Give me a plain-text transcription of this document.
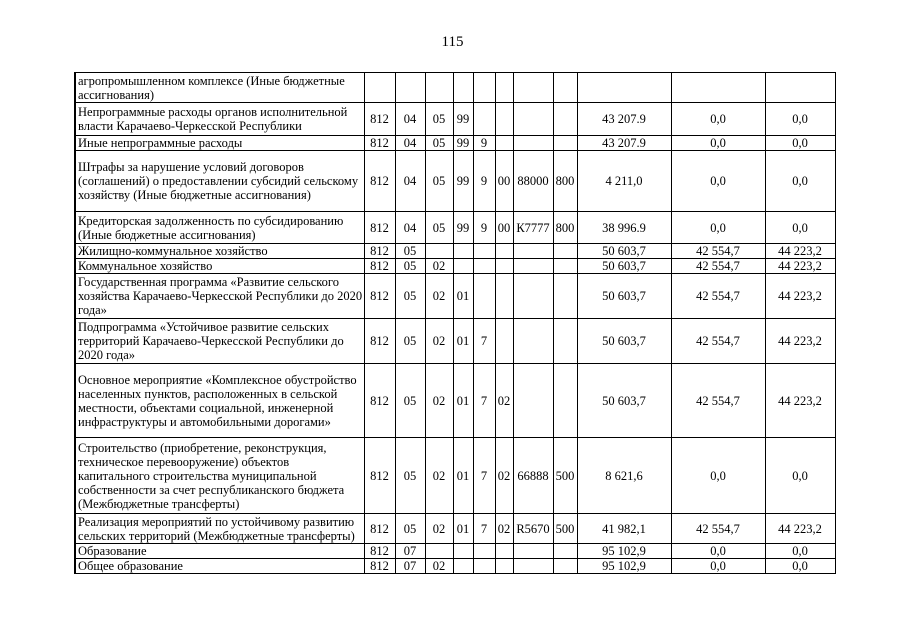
115
	агропромышленном комплексе (Иные бюджетные ассигнования)											
	Непрограммные расходы органов исполнительной власти Карачаево-Черкесской Республики	812	04	05	99					43 207.9	0,0	0,0
	Иные непрограммные расходы	812	04	05	99	9				43 207.9	0,0	0,0
	Штрафы за нарушение условий договоров (соглашений) о предоставлении субсидий сельскому хозяйству (Иные бюджетные ассигнования)	812	04	05	99	9	00	88000	800	4 211,0	0,0	0,0
	Кредиторская задолженность по субсидированию (Иные бюджетные ассигнования)	812	04	05	99	9	00	К7777	800	38 996.9	0,0	0,0
	Жилищно-коммунальное хозяйство	812	05							50 603,7	42 554,7	44 223,2
	Коммунальное хозяйство	812	05	02						50 603,7	42 554,7	44 223,2
	Государственная программа «Развитие сельского хозяйства Карачаево-Черкесской Республики до 2020 года»	812	05	02	01					50 603,7	42 554,7	44 223,2
	Подпрограмма «Устойчивое развитие сельских территорий Карачаево-Черкесской Республики до 2020 года»	812	05	02	01	7				50 603,7	42 554,7	44 223,2
	Основное мероприятие «Комплексное обустройство населенных пунктов, расположенных в сельской местности, объектами социальной, инженерной инфраструктуры и автомобильными дорогами»	812	05	02	01	7	02			50 603,7	42 554,7	44 223,2
	Строительство (приобретение, реконструкция, техническое перевооружение) объектов капитального строительства муниципальной собственности за счет республиканского бюджета (Межбюджетные трансферты)	812	05	02	01	7	02	66888	500	8 621,6	0,0	0,0
	Реализация мероприятий по устойчивому развитию сельских территорий (Межбюджетные трансферты)	812	05	02	01	7	02	R5670	500	41 982,1	42 554,7	44 223,2
	Образование	812	07							95 102,9	0,0	0,0
	Общее образование	812	07	02						95 102,9	0,0	0,0
